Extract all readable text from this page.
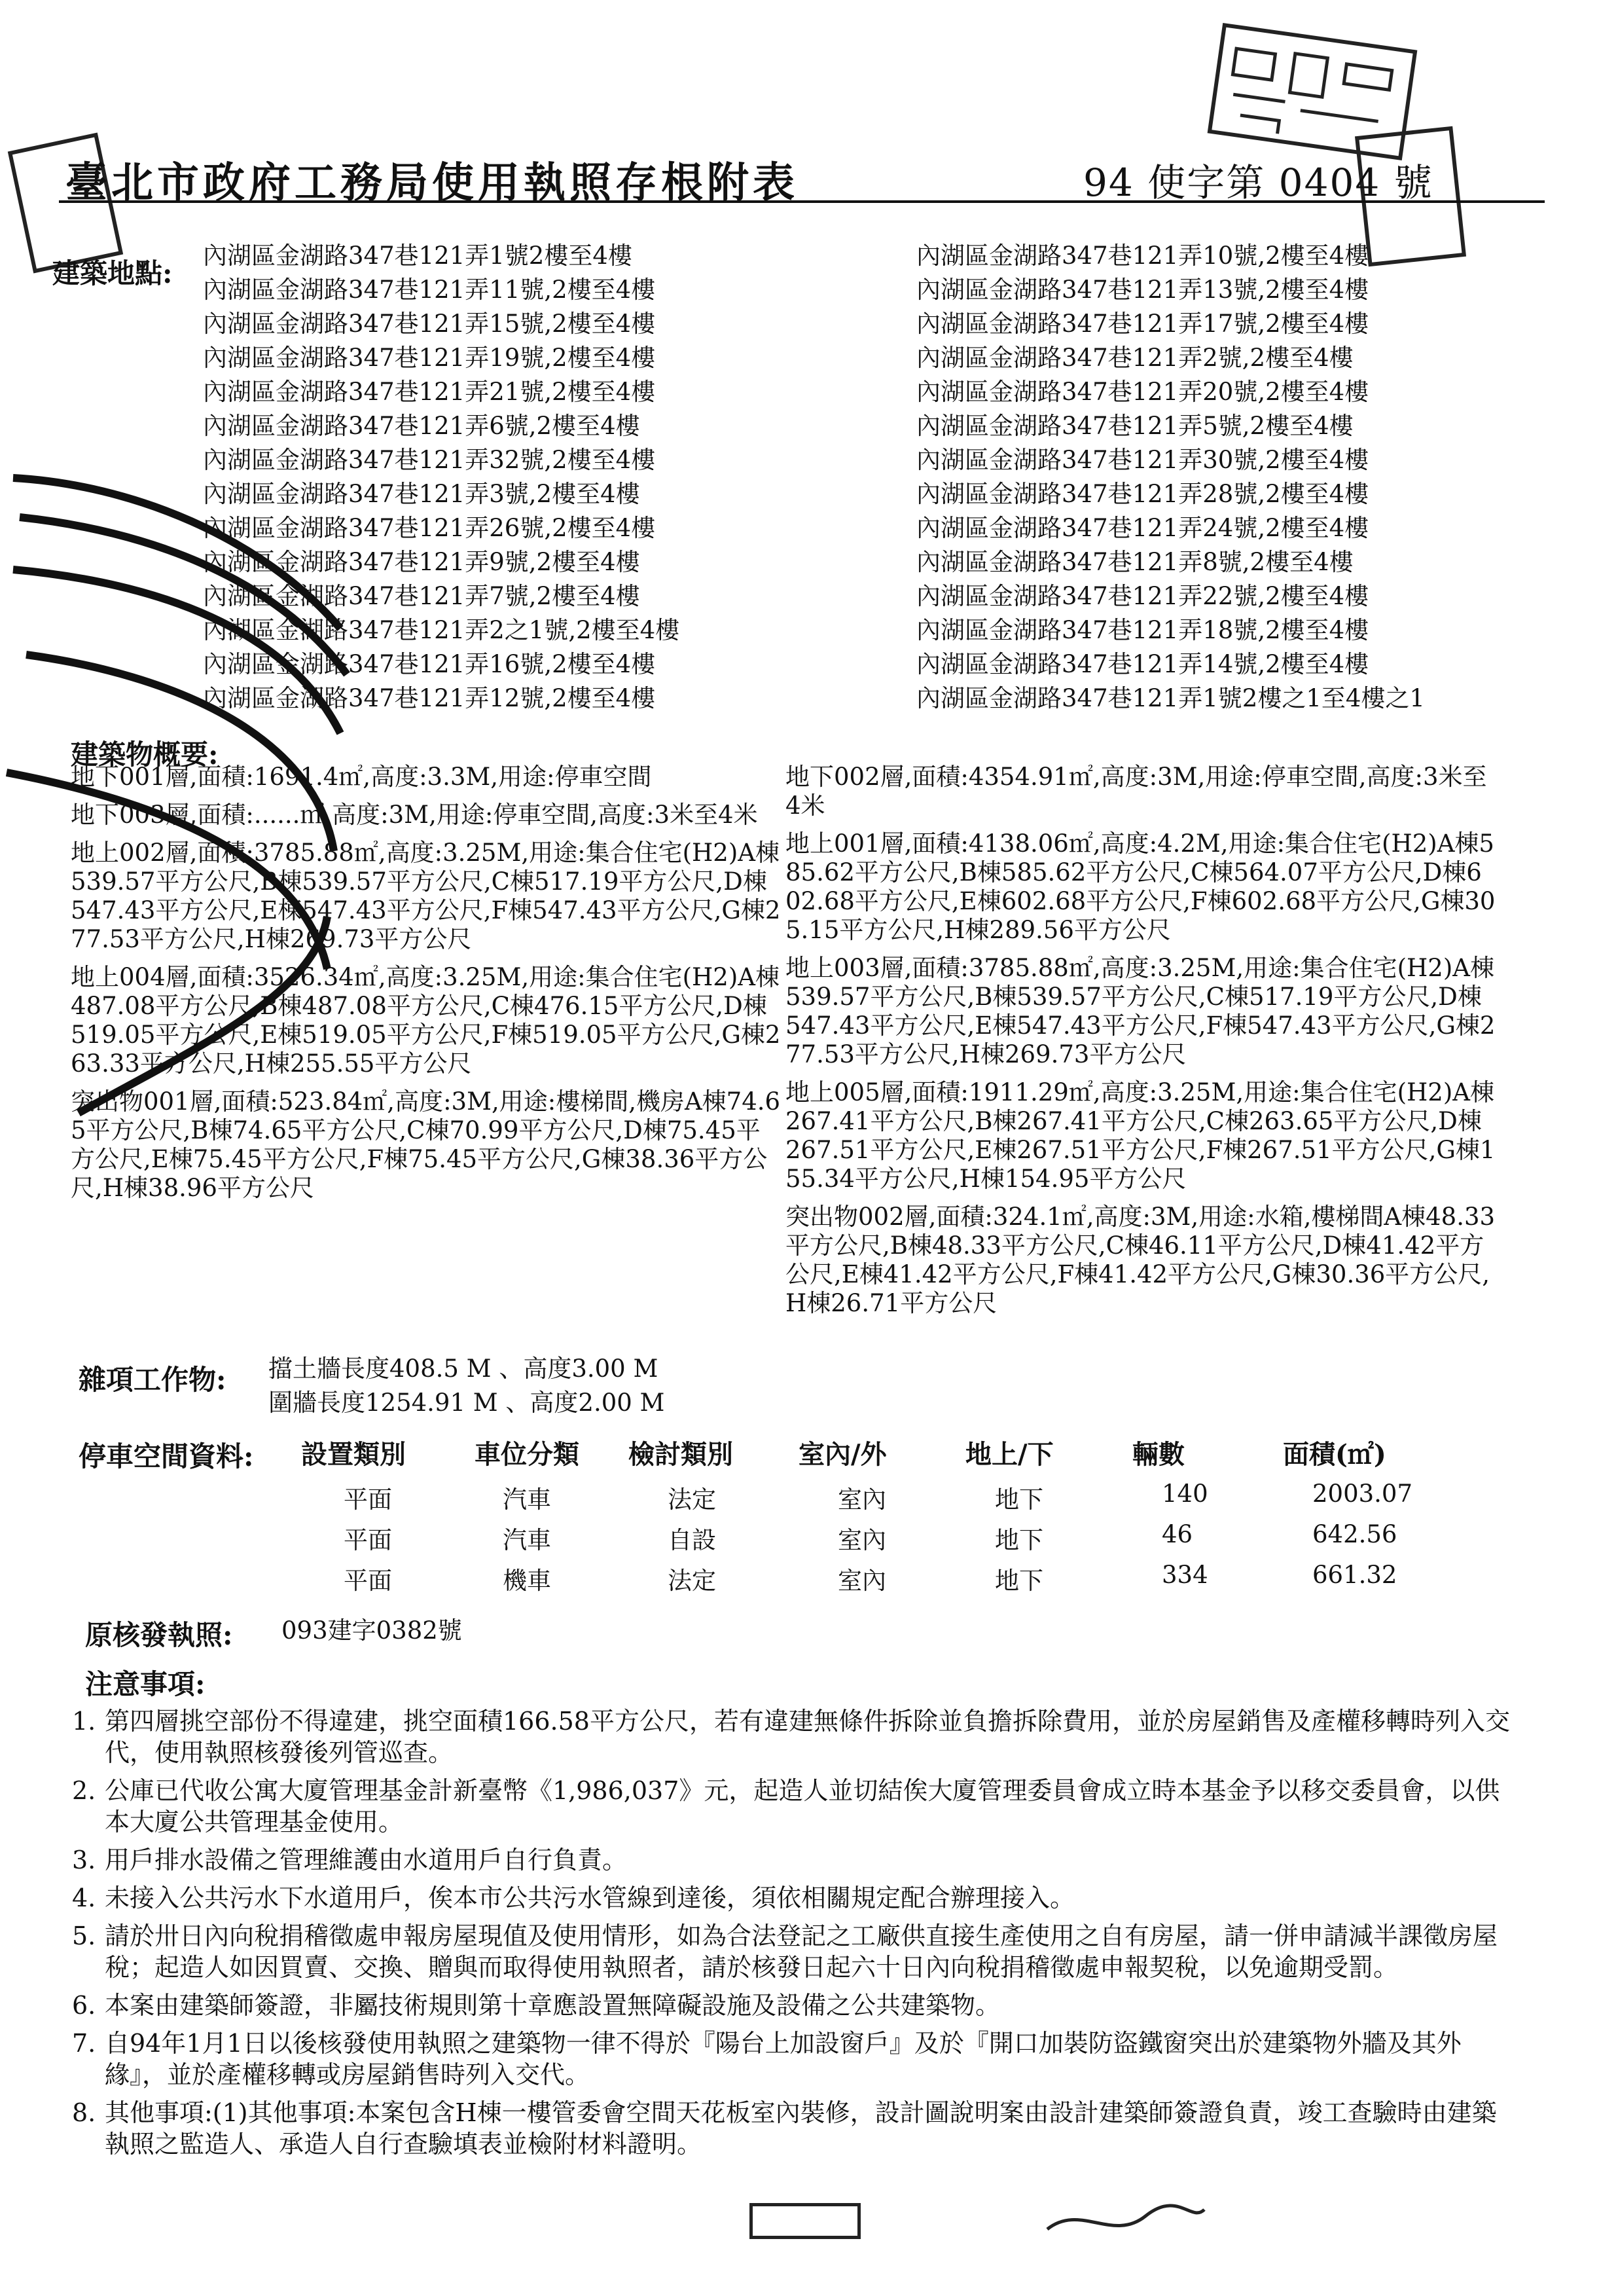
臺北市政府工務局使用執照存根附表	94 使字第 0404 號
建築地點:
內湖區金湖路347巷121弄1號2樓至4樓
內湖區金湖路347巷121弄11號,2樓至4樓
內湖區金湖路347巷121弄15號,2樓至4樓
內湖區金湖路347巷121弄19號,2樓至4樓
內湖區金湖路347巷121弄21號,2樓至4樓
內湖區金湖路347巷121弄6號,2樓至4樓
內湖區金湖路347巷121弄32號,2樓至4樓
內湖區金湖路347巷121弄3號,2樓至4樓
內湖區金湖路347巷121弄26號,2樓至4樓
內湖區金湖路347巷121弄9號,2樓至4樓
內湖區金湖路347巷121弄7號,2樓至4樓
內湖區金湖路347巷121弄2之1號,2樓至4樓
內湖區金湖路347巷121弄16號,2樓至4樓
內湖區金湖路347巷121弄12號,2樓至4樓
內湖區金湖路347巷121弄10號,2樓至4樓
內湖區金湖路347巷121弄13號,2樓至4樓
內湖區金湖路347巷121弄17號,2樓至4樓
內湖區金湖路347巷121弄2號,2樓至4樓
內湖區金湖路347巷121弄20號,2樓至4樓
內湖區金湖路347巷121弄5號,2樓至4樓
內湖區金湖路347巷121弄30號,2樓至4樓
內湖區金湖路347巷121弄28號,2樓至4樓
內湖區金湖路347巷121弄24號,2樓至4樓
內湖區金湖路347巷121弄8號,2樓至4樓
內湖區金湖路347巷121弄22號,2樓至4樓
內湖區金湖路347巷121弄18號,2樓至4樓
內湖區金湖路347巷121弄14號,2樓至4樓
內湖區金湖路347巷121弄1號2樓之1至4樓之1
建築物概要:

地下001層,面積:1691.4㎡,高度:3.3M,用途:停車空間

地下003層,面積:......㎡,高度:3M,用途:停車空間,高度:3米至4米

地上002層,面積:3785.88㎡,高度:3.25M,用途:集合住宅(H2)A棟539.57平方公尺,B棟539.57平方公尺,C棟517.19平方公尺,D棟547.43平方公尺,E棟547.43平方公尺,F棟547.43平方公尺,G棟277.53平方公尺,H棟269.73平方公尺

地上004層,面積:3526.34㎡,高度:3.25M,用途:集合住宅(H2)A棟487.08平方公尺,B棟487.08平方公尺,C棟476.15平方公尺,D棟519.05平方公尺,E棟519.05平方公尺,F棟519.05平方公尺,G棟263.33平方公尺,H棟255.55平方公尺

突出物001層,面積:523.84㎡,高度:3M,用途:樓梯間,機房A棟74.65平方公尺,B棟74.65平方公尺,C棟70.99平方公尺,D棟75.45平方公尺,E棟75.45平方公尺,F棟75.45平方公尺,G棟38.36平方公尺,H棟38.96平方公尺

地下002層,面積:4354.91㎡,高度:3M,用途:停車空間,高度:3米至4米

地上001層,面積:4138.06㎡,高度:4.2M,用途:集合住宅(H2)A棟585.62平方公尺,B棟585.62平方公尺,C棟564.07平方公尺,D棟602.68平方公尺,E棟602.68平方公尺,F棟602.68平方公尺,G棟305.15平方公尺,H棟289.56平方公尺

地上003層,面積:3785.88㎡,高度:3.25M,用途:集合住宅(H2)A棟539.57平方公尺,B棟539.57平方公尺,C棟517.19平方公尺,D棟547.43平方公尺,E棟547.43平方公尺,F棟547.43平方公尺,G棟277.53平方公尺,H棟269.73平方公尺

地上005層,面積:1911.29㎡,高度:3.25M,用途:集合住宅(H2)A棟267.41平方公尺,B棟267.41平方公尺,C棟263.65平方公尺,D棟267.51平方公尺,E棟267.51平方公尺,F棟267.51平方公尺,G棟155.34平方公尺,H棟154.95平方公尺

突出物002層,面積:324.1㎡,高度:3M,用途:水箱,樓梯間A棟48.33平方公尺,B棟48.33平方公尺,C棟46.11平方公尺,D棟41.42平方公尺,E棟41.42平方公尺,F棟41.42平方公尺,G棟30.36平方公尺,H棟26.71平方公尺

雜項工作物: 擋土牆長度408.5 M 、高度3.00 M
圍牆長度1254.91 M 、高度2.00 M
停車空間資料: 設置類別	車位分類 檢討類別	室內/外	地上/下	輛數	面積(㎡)
平面	汽車	法定	室內	地下	140	2003.07
平面	汽車	自設	室內	地下	46	642.56
平面	機車	法定	室內	地下	334	661.32
原核發執照: 093建字0382號
注意事項:
1. 第四層挑空部份不得違建，挑空面積166.58平方公尺，若有違建無條件拆除並負擔拆除費用，並於房屋銷售及產權移轉時列入交代，使用執照核發後列管巡查。
2. 公庫已代收公寓大廈管理基金計新臺幣《1,986,037》元，起造人並切結俟大廈管理委員會成立時本基金予以移交委員會，以供本大廈公共管理基金使用。
3. 用戶排水設備之管理維護由水道用戶自行負責。
4. 未接入公共污水下水道用戶，俟本市公共污水管線到達後，須依相關規定配合辦理接入。
5. 請於卅日內向稅捐稽徵處申報房屋現值及使用情形，如為合法登記之工廠供直接生產使用之自有房屋，請一併申請減半課徵房屋稅；起造人如因買賣、交換、贈與而取得使用執照者，請於核發日起六十日內向稅捐稽徵處申報契稅，以免逾期受罰。
6. 本案由建築師簽證，非屬技術規則第十章應設置無障礙設施及設備之公共建築物。
7. 自94年1月1日以後核發使用執照之建築物一律不得於『陽台上加設窗戶』及於『開口加裝防盜鐵窗突出於建築物外牆及其外緣』，並於產權移轉或房屋銷售時列入交代。
8. 其他事項:(1)其他事項:本案包含H棟一樓管委會空間天花板室內裝修，設計圖說明案由設計建築師簽證負責，竣工查驗時由建築執照之監造人、承造人自行查驗填表並檢附材料證明。
